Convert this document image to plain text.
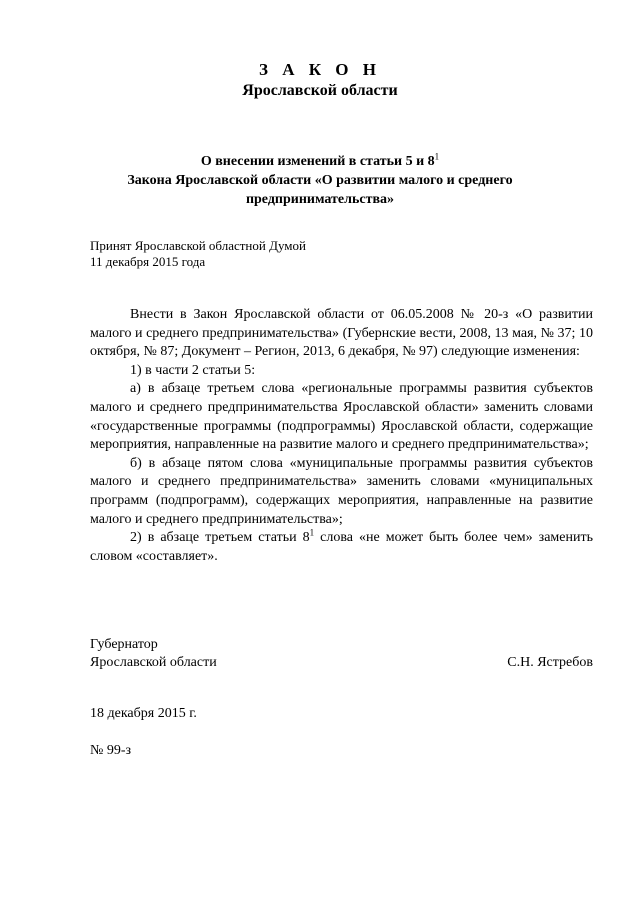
З А К О Н
Ярославской области
О внесении изменений в статьи 5 и $8^1$
Закона Ярославской области «О развитии малого и среднего
предпринимательства»
Принят Ярославской областной Думой
11 декабря 2015 года

Внести в Закон Ярославской области от 06.05.2008 № 20-з «О развитии малого и среднего предпринимательства» (Губернские вести, 2008, 13 мая, № 37; 10 октября, № 87; Документ – Регион, 2013, 6 декабря, № 97) следующие изменения:

1) в части 2 статьи 5:

а) в абзаце третьем слова «региональные программы развития субъектов малого и среднего предпринимательства Ярославской области» заменить словами «государственные программы (подпрограммы) Ярославской области, содержащие мероприятия, направленные на развитие малого и среднего предпринимательства»;

б) в абзаце пятом слова «муниципальные программы развития субъектов малого и среднего предпринимательства» заменить словами «муниципальных программ (подпрограмм), содержащих мероприятия, направленные на развитие малого и среднего предпринимательства»;

2) в абзаце третьем статьи $8^1$ слова «не может быть более чем» заменить словом «составляет».

Губернатор
Ярославской области	С.Н. Ястребов
18 декабря 2015 г.
№ 99-з
